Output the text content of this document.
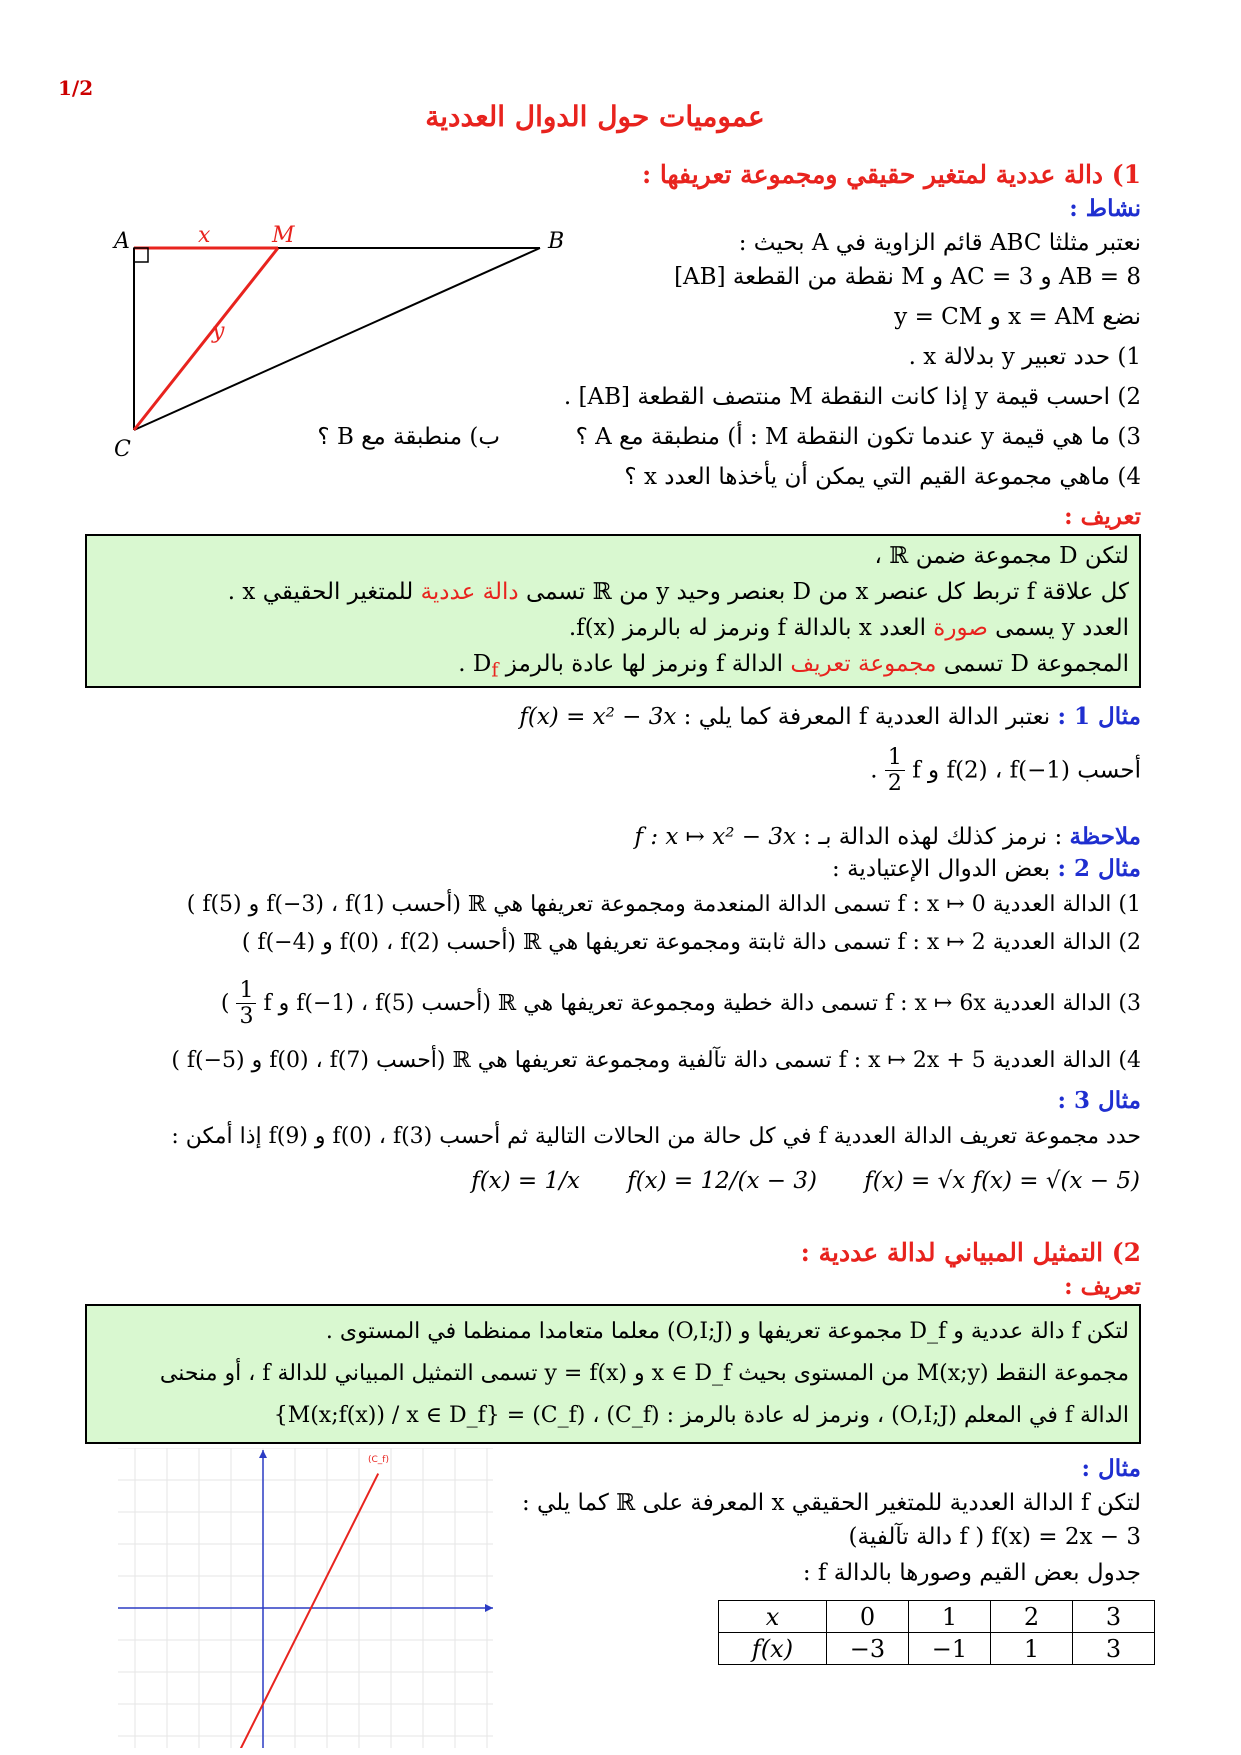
1/2
عموميات حول الدوال العددية
1) دالة عددية لمتغير حقيقي ومجموعة تعريفها :
نشاط :
نعتبر مثلثا ABC قائم الزاوية في A بحيث :
AB = 8 و AC = 3 و M نقطة من القطعة [AB]
نضع x = AM و y = CM
1) حدد تعبير y بدلالة x .
2) احسب قيمة y إذا كانت النقطة M منتصف القطعة [AB] .
3) ما هي قيمة y عندما تكون النقطة M : أ) منطبقة مع A ؟
ب) منطبقة مع B ؟
4) ماهي مجموعة القيم التي يمكن أن يأخذها العدد x ؟
A	B
C
M
x
y
تعريف :
لتكن D مجموعة ضمن ℝ ،
كل علاقة f تربط كل عنصر x من D بعنصر وحيد y من ℝ تسمى دالة عددية للمتغير الحقيقي x .
العدد y يسمى صورة العدد x بالدالة f ونرمز له بالرمز f(x).
المجموعة D تسمى مجموعة تعريف الدالة f ونرمز لها عادة بالرمز $D_f$ .
مثال 1 : نعتبر الدالة العددية f المعرفة كما يلي : f(x) = x² − 3x
أحسب f(2) ، f(−1) و f
$\frac{1}{2}$
.
ملاحظة : نرمز كذلك لهذه الدالة بـ : f : x ↦ x² − 3x
مثال 2 : بعض الدوال الإعتيادية :
1) الدالة العددية f : x ↦ 0 تسمى الدالة المنعدمة ومجموعة تعريفها هي ℝ (أحسب f(−3) ، f(1) و f(5) )
2) الدالة العددية f : x ↦ 2 تسمى دالة ثابتة ومجموعة تعريفها هي ℝ (أحسب f(0) ، f(2) و f(−4) )
3) الدالة العددية f : x ↦ 6x تسمى دالة خطية ومجموعة تعريفها هي ℝ (أحسب f(−1) ، f(5) و f
$\frac{1}{3}$
)
4) الدالة العددية f : x ↦ 2x + 5 تسمى دالة تآلفية ومجموعة تعريفها هي ℝ (أحسب f(0) ، f(7) و f(−5) )
مثال 3 :
حدد مجموعة تعريف الدالة العددية f في كل حالة من الحالات التالية ثم أحسب f(0) ، f(3) و f(9) إذا أمكن :
f(x) = 1/x f(x) = 12/(x − 3) f(x) = √x f(x) = √(x − 5)
2) التمثيل المبياني لدالة عددية :
تعريف :
لتكن f دالة عددية و D_f مجموعة تعريفها و (O,I;J) معلما متعامدا ممنظما في المستوى .
مجموعة النقط M(x;y) من المستوى بحيث x ∈ D_f و y = f(x) تسمى التمثيل المبياني للدالة f ، أو منحنى
الدالة f في المعلم (O,I;J) ، ونرمز له عادة بالرمز : (C_f) ، (C_f) = {M(x;f(x)) / x ∈ D_f}
مثال :
لتكن f الدالة العددية للمتغير الحقيقي x المعرفة على ℝ كما يلي :
f(x) = 2x − 3 ( f دالة تآلفية)
جدول بعض القيم وصورها بالدالة f :
(C_f)
x	0	1	2	3
f(x)	−3	−1	1	3
